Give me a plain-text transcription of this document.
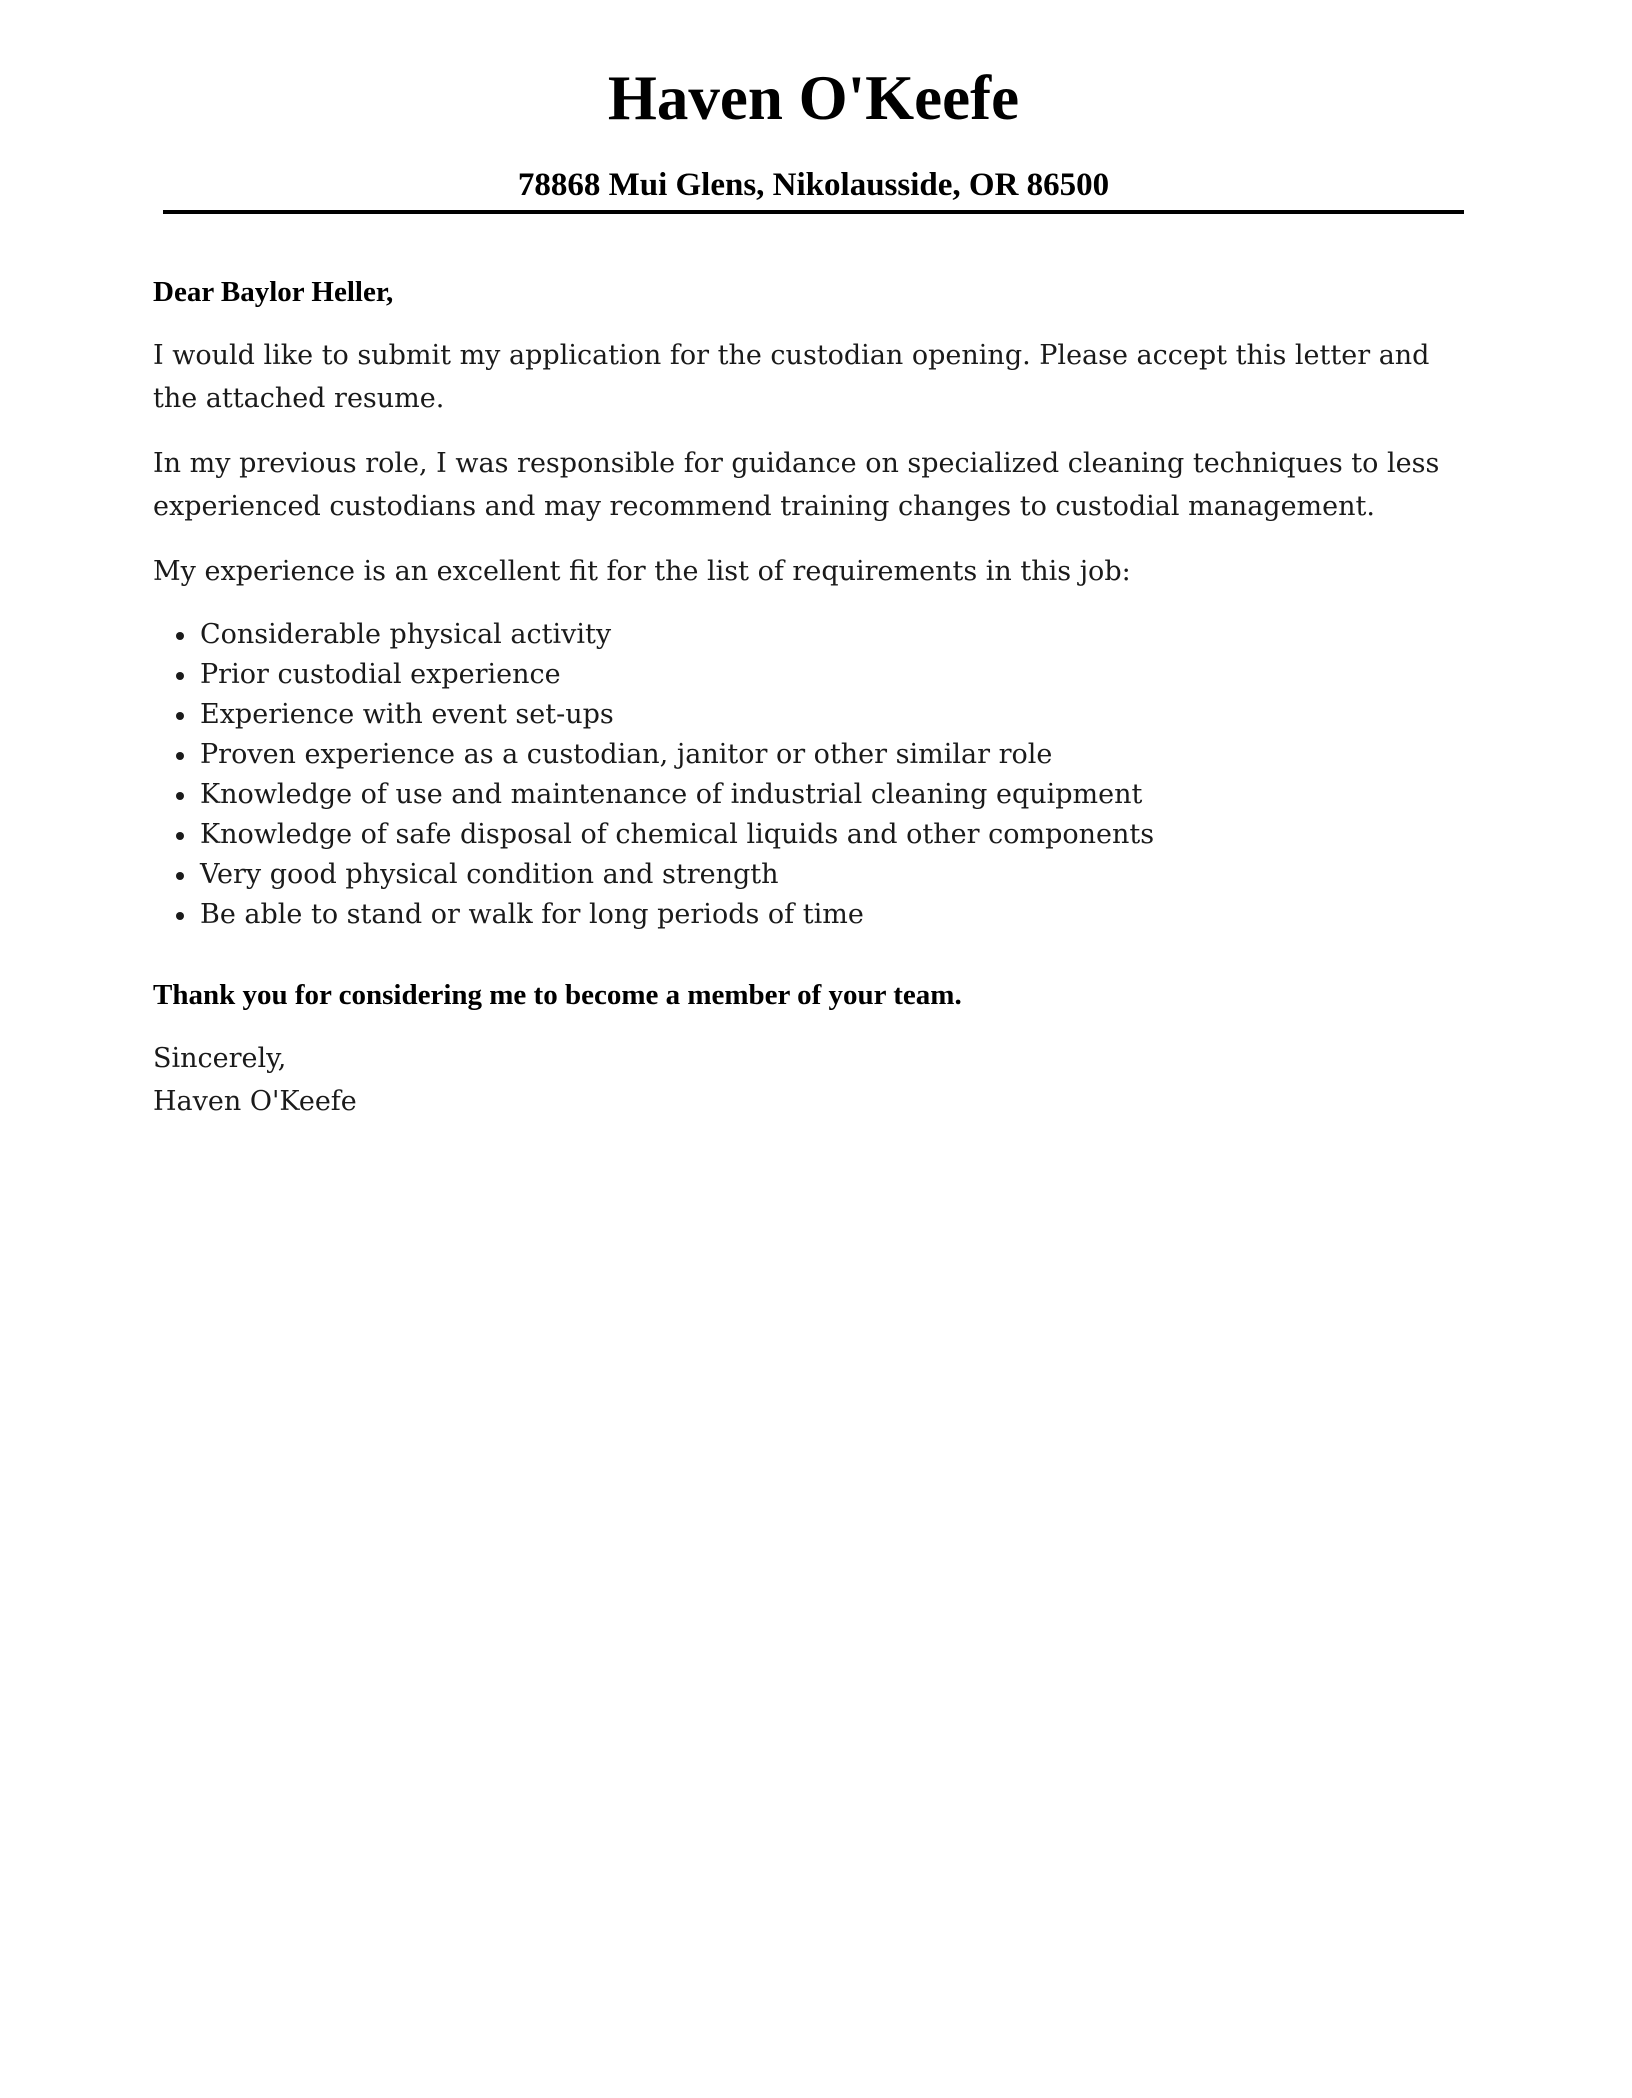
Haven O'Keefe

78868 Mui Glens, Nikolausside, OR 86500

Dear Baylor Heller,

I would like to submit my application for the custodian opening. Please accept this letter and the attached resume.

In my previous role, I was responsible for guidance on specialized cleaning techniques to less experienced custodians and may recommend training changes to custodial management.

My experience is an excellent fit for the list of requirements in this job:

Considerable physical activity
Prior custodial experience
Experience with event set-ups
Proven experience as a custodian, janitor or other similar role
Knowledge of use and maintenance of industrial cleaning equipment
Knowledge of safe disposal of chemical liquids and other components
Very good physical condition and strength
Be able to stand or walk for long periods of time

Thank you for considering me to become a member of your team.

Sincerely,

Haven O'Keefe
